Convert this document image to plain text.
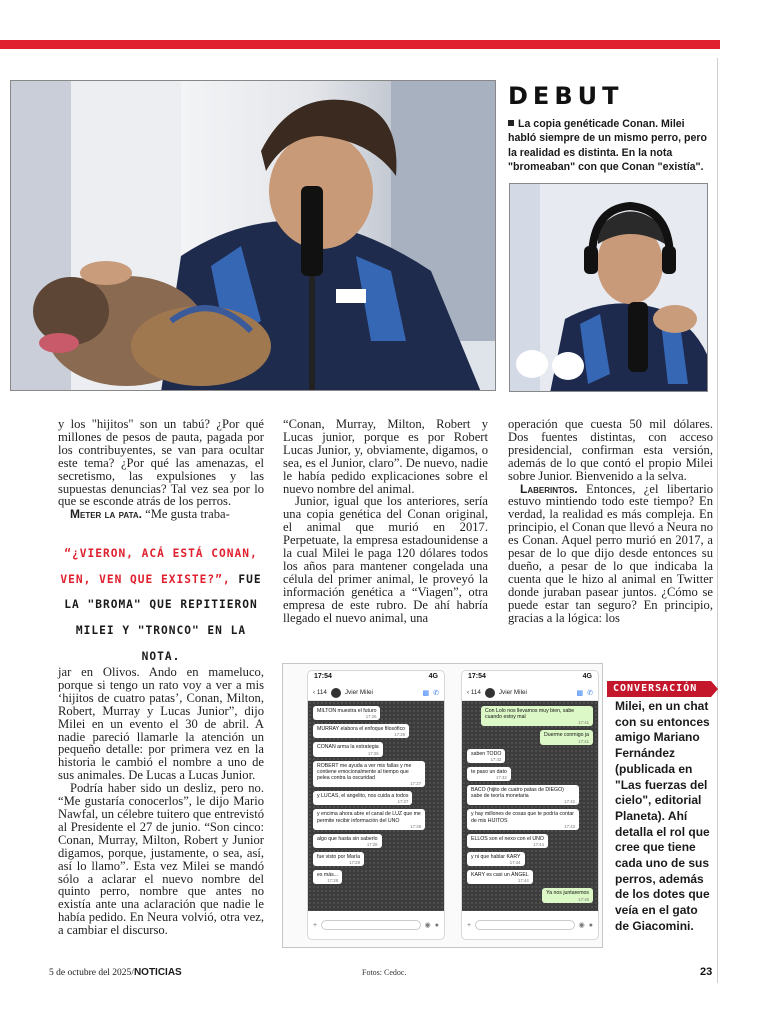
DEBUT
La copia genéticade Conan. Milei habló siempre de un mismo perro, pero la realidad es distinta. En la nota "bromeaban" con que Conan "existía".

y los "hijitos" son un tabú? ¿Por qué millones de pesos de pauta, pagada por los contribuyentes, se van para ocultar este tema? ¿Por qué las amenazas, el secretismo, las expulsiones y las supuestas denuncias? Tal vez sea por lo que se esconde atrás de los perros.

Meter la pata. “Me gusta traba-

“¿VIERON, ACÁ ESTÁ CONAN, VEN, VEN QUE EXISTE?”, FUE LA "BROMA" QUE REPITIERON MILEI Y "TRONCO" EN LA NOTA.

jar en Olivos. Ando en mameluco, porque si tengo un rato voy a ver a mis ‘hijitos de cuatro patas’, Conan, Milton, Robert, Murray y Lucas Junior”, dijo Milei en un evento el 30 de abril. A nadie pareció llamarle la atención un pequeño detalle: por primera vez en la historia le cambió el nombre a uno de sus animales. De Lucas a Lucas Junior.

Podría haber sido un desliz, pero no. “Me gustaría conocerlos”, le dijo Mario Nawfal, un célebre tuitero que entrevistó al Presidente el 27 de junio. “Son cinco: Conan, Murray, Milton, Robert y Junior digamos, porque, justamente, o sea, así, así lo llamo”. Esta vez Milei se mandó sólo a aclarar el nuevo nombre del quinto perro, nombre que antes no existía ante una aclaración que nadie le había pedido. En Neura volvió, otra vez, a cambiar el discurso.

“Conan, Murray, Milton, Robert y Lucas junior, porque es por Robert Lucas Junior, y, obviamente, digamos, o sea, es el Junior, claro”. De nuevo, nadie le había pedido explicaciones sobre el nuevo nombre del animal.

Junior, igual que los anteriores, sería una copia genética del Conan original, el animal que murió en 2017. Perpetuate, la empresa estadounidense a la cual Milei le paga 120 dólares todos los años para mantener congelada una célula del primer animal, le proveyó la información genética a “Viagen”, otra empresa de este rubro. De ahí habría llegado el nuevo animal, una

operación que cuesta 50 mil dólares. Dos fuentes distintas, con acceso presidencial, confirman esta versión, además de lo que contó el propio Milei sobre Junior. Bienvenido a la selva.

Laberintos. Entonces, ¿el libertario estuvo mintiendo todo este tiempo? En verdad, la realidad es más compleja. En principio, el Conan que llevó a Neura no es Conan. Aquel perro murió en 2017, a pesar de lo que dijo desde entonces su dueño, a pesar de lo que indicaba la cuenta que le hizo al animal en Twitter donde juraban pasear juntos. ¿Cómo se puede estar tan seguro? En principio, gracias a la lógica: los

17:54	4G
‹ 114	Jvier Milei	▩ ✆
MILTON muestra el futuro
17:26
MURRAY elabora el enfoque filosófico
17:26
CONAN arma la estrategia
17:26
ROBERT me ayuda a ver mis fallas y me contiene emocionalmente al tiempo que pelea contra la oscuridad
17:27
y LUCAS, el angelito, nos cuida a todos
17:27
y encima ahora abre el canal de LUZ que me permite recibir información del UNO
17:28
algo que hasta sin saberlo
17:28
fue visto por María
17:28
es más...
17:28
+	◉ ●
17:54	4G
‹ 114	Jvier Milei	▩ ✆
Con Lolo nos llevamos muy bien, sabe cuando estoy mal
17:41
Duerme conmigo ja
17:41
saben TODO
17:42
te paso un dato
17:42
BACO (hijito de cuatro patas de DIEGO) sabe de teoría monetaria
17:42
y hay millones de cosas que te podría contar de mis HIJITOS
17:43
ELLOS son el nexo con el UNO
17:44
y ni que hablar KARY
17:44
KARY es casi un ÁNGEL
17:44
Ya nos juntaremos
17:45
+	◉ ●
CONVERSACIÓN
Milei, en un chat con su entonces amigo Mariano Fernández (publicada en "Las fuerzas del cielo", editorial Planeta). Ahí detalla el rol que cree que tiene cada uno de sus perros, además de los dotes que veía en el gato de Giacomini.
5 de octubre del 2025/NOTICIAS	Fotos: Cedoc.	23
